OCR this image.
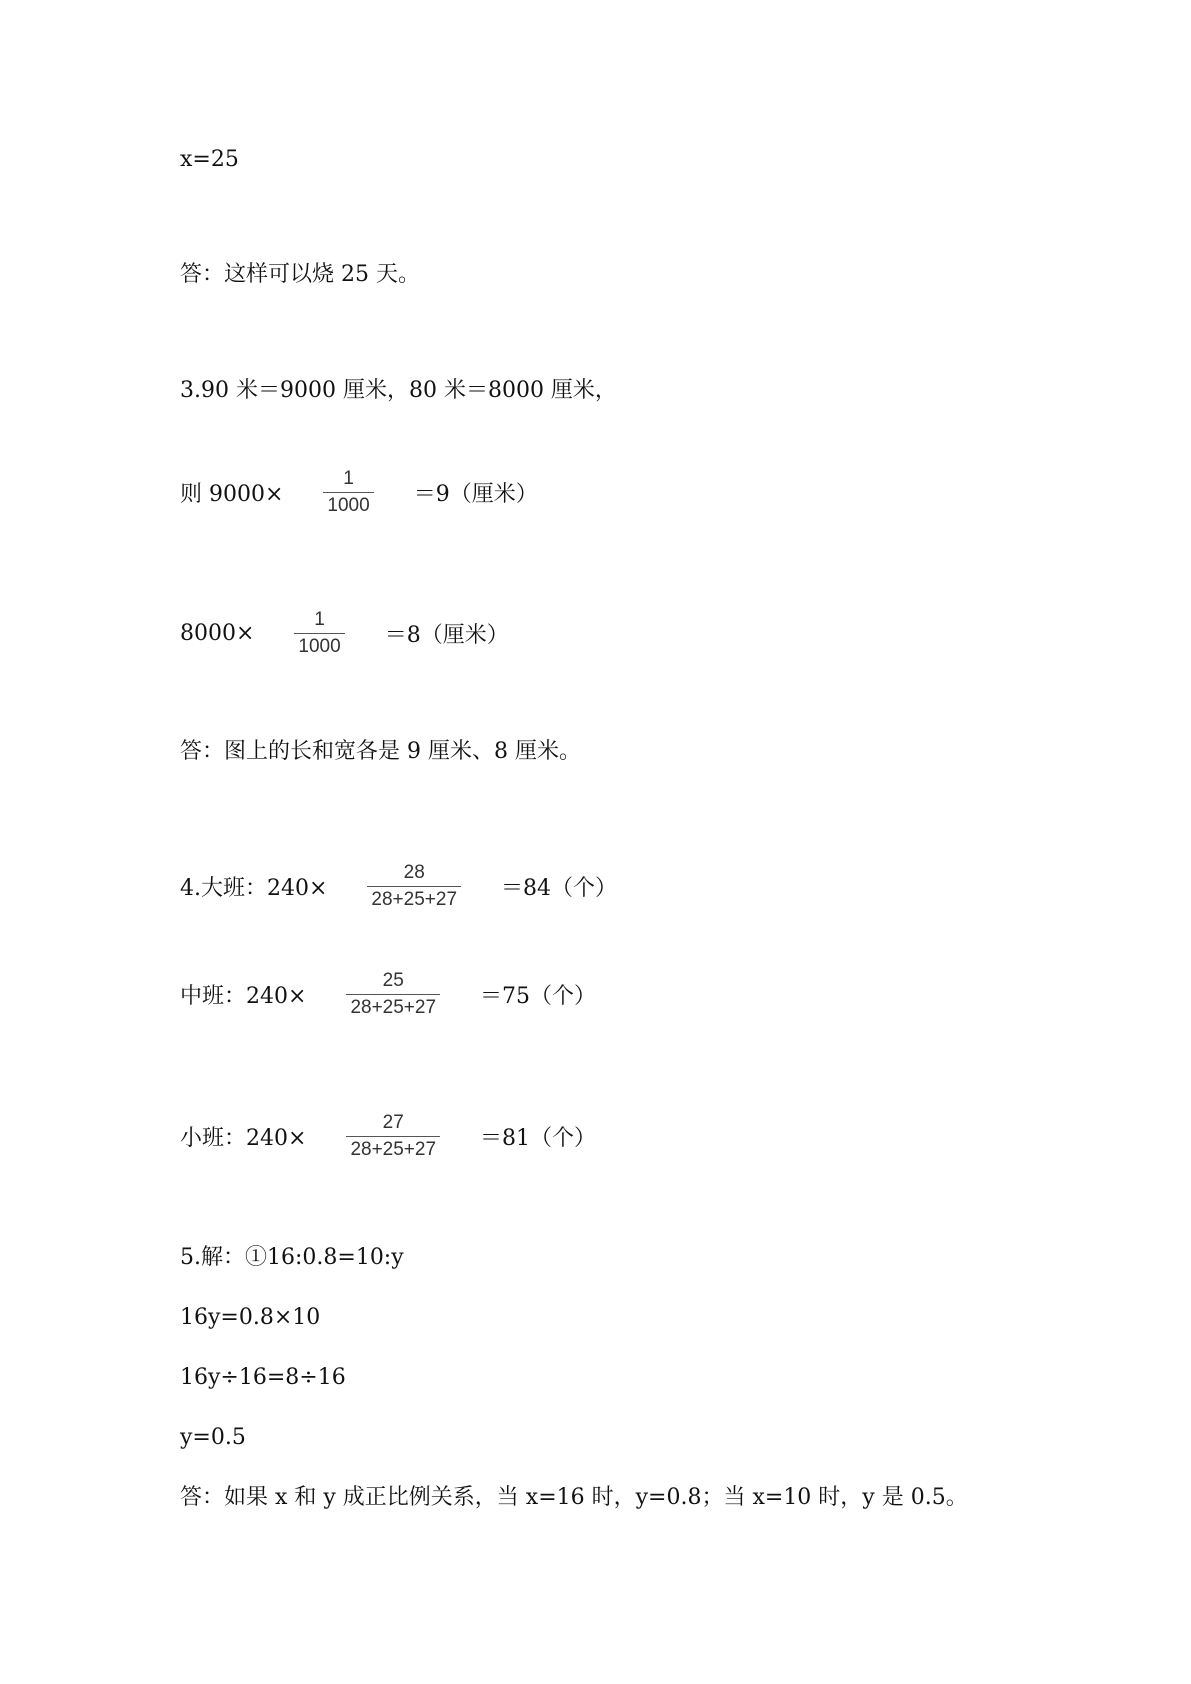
x=25
答：这样可以烧 25 天。
3.90 米＝9000 厘米，80 米＝8000 厘米，
则 $9000\times \frac{1}{1000} =9$（厘米）
$8000\times \frac{1}{1000} =8$（厘米）
答：图上的长和宽各是 9 厘米、8 厘米。
4.大班：$240\times \frac{28}{28+25+27} =84$（个）
中班：$240\times \frac{25}{28+25+27} =75$（个）
小班：$240\times \frac{27}{28+25+27} =81$（个）
5.解：①16:0.8=10:y
16y=0.8×10
16y÷16=8÷16
y=0.5
答：如果 x 和 y 成正比例关系，当 x=16 时，y=0.8；当 x=10 时，y 是 0.5。
